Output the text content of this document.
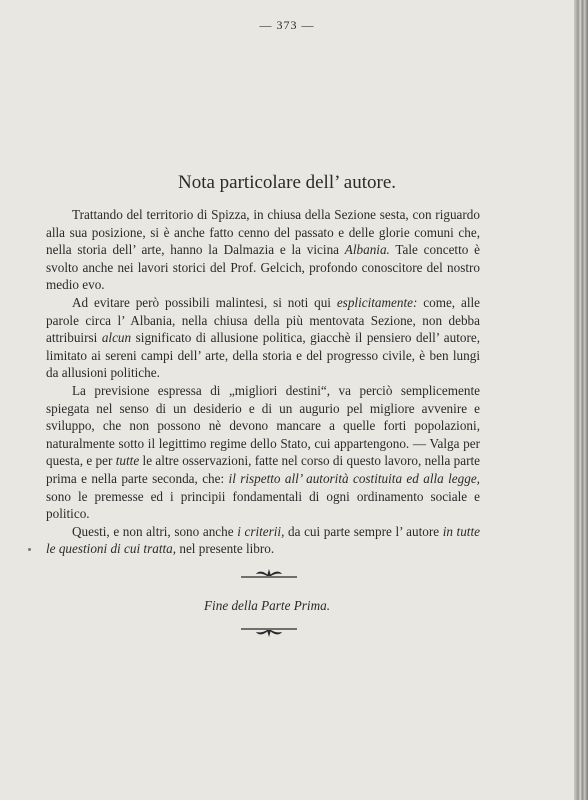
— 373 —
Nota particolare dell’ autore.

Trattando del territorio di Spizza, in chiusa della Sezione sesta, con riguardo alla sua posizione, si è anche fatto cenno del passato e delle glorie comuni che, nella storia dell’ arte, hanno la Dalmazia e la vicina Albania. Tale concetto è svolto anche nei lavori storici del Prof. Gelcich, profondo conoscitore del nostro medio evo.

Ad evitare però possibili malintesi, si noti qui esplicitamente: come, alle parole circa l’ Albania, nella chiusa della più mentovata Sezione, non debba attribuirsi alcun significato di allusione politica, giacchè il pensiero dell’ autore, limitato ai sereni campi dell’ arte, della storia e del progresso civile, è ben lungi da allusioni politiche.

La previsione espressa di „migliori destini“, va perciò semplicemente spiegata nel senso di un desiderio e di un augurio pel migliore avvenire e sviluppo, che non possono nè devono mancare a quelle forti popolazioni, naturalmente sotto il legittimo regime dello Stato, cui appartengono. — Valga per questa, e per tutte le altre osservazioni, fatte nel corso di questo lavoro, nella parte prima e nella parte seconda, che: il rispetto all’ autorità costituita ed alla legge, sono le premesse ed i principii fondamentali di ogni ordinamento sociale e politico.

Questi, e non altri, sono anche i criterii, da cui parte sempre l’ autore in tutte le questioni di cui tratta, nel presente libro.

Fine della Parte Prima.
